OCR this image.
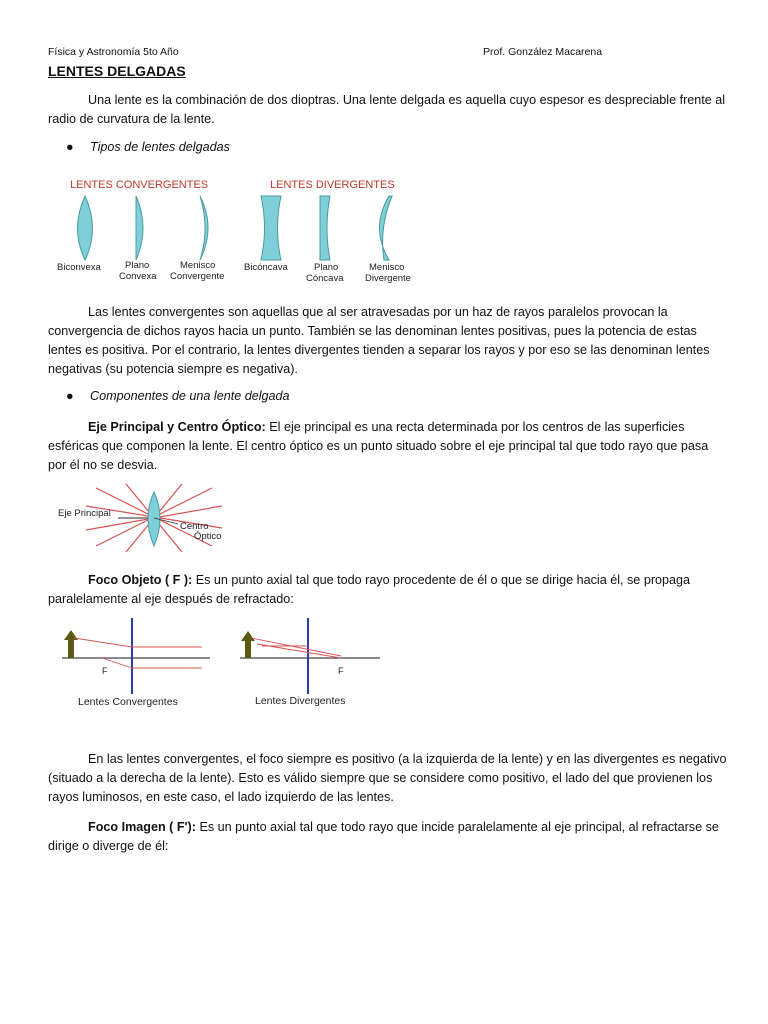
Física y Astronomía 5to Año	Prof. González Macarena
LENTES DELGADAS

Una lente es la combinación de dos dioptras. Una lente delgada es aquella cuyo espesor es despreciable frente al radio de curvatura de la lente.

● Tipos de lentes delgadas
LENTES CONVERGENTES	LENTES DIVERGENTES
Biconvexa	Plano
Convexa
Menisco
Convergente
Bicóncava	Plano
Cóncava
Menisco
Divergente

Las lentes convergentes son aquellas que al ser atravesadas por un haz de rayos paralelos provocan la convergencia de dichos rayos hacia un punto. También se las denominan lentes positivas, pues la potencia de estas lentes es positiva. Por el contrario, la lentes divergentes tienden a separar los rayos y por eso se las denominan lentes negativas (su potencia siempre es negativa).

● Componentes de una lente delgada

Eje Principal y Centro Óptico: El eje principal es una recta determinada por los centros de las superficies esféricas que componen la lente. El centro óptico es un punto situado sobre el eje principal tal que todo rayo que pasa por él no se desvia.

Eje Principal
Centro
Óptico

Foco Objeto ( F ): Es un punto axial tal que todo rayo procedente de él o que se dirige hacia él, se propaga paralelamente al eje después de refractado:

F
Lentes Convergentes
F
Lentes Divergentes

En las lentes convergentes, el foco siempre es positivo (a la izquierda de la lente) y en las divergentes es negativo (situado a la derecha de la lente). Esto es válido siempre que se considere como positivo, el lado del que provienen los rayos luminosos, en este caso, el lado izquierdo de las lentes.

Foco Imagen ( F'): Es un punto axial tal que todo rayo que incide paralelamente al eje principal, al refractarse se dirige o diverge de él:
